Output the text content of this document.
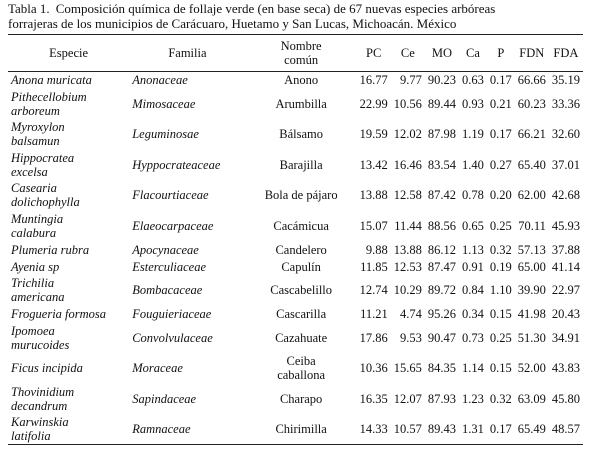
Tabla 1. Composición química de follaje verde (en base seca) de 67 nuevas especies arbóreas
forrajeras de los municipios de Carácuaro, Huetamo y San Lucas, Michoacán. México
Especie	Familia	Nombre
común	PC	Ce	MO	Ca	P	FDN	FDA

Anona muricata	Anonaceae	Anono	16.77	9.77	90.23	0.63	0.17	66.66	35.19

Pithecellobium
arboreum	Mimosaceae	Arumbilla	22.99	10.56	89.44	0.93	0.21	60.23	33.36

Myroxylon
balsamun	Leguminosae	Bálsamo	19.59	12.02	87.98	1.19	0.17	66.21	32.60

Hippocratea
excelsa	Hyppocrateaceae	Barajilla	13.42	16.46	83.54	1.40	0.27	65.40	37.01

Casearia
dolichophylla	Flacourtiaceae	Bola de pájaro	13.88	12.58	87.42	0.78	0.20	62.00	42.68

Muntingia
calabura	Elaeocarpaceae	Cacámicua	15.07	11.44	88.56	0.65	0.25	70.11	45.93

Plumeria rubra	Apocynaceae	Candelero	9.88	13.88	86.12	1.13	0.32	57.13	37.88

Ayenia sp	Esterculiaceae	Capulín	11.85	12.53	87.47	0.91	0.19	65.00	41.14

Trichilia
americana	Bombacaceae	Cascabelillo	12.74	10.29	89.72	0.84	1.10	39.90	22.97

Frogueria formosa	Fouguieriaceae	Cascarilla	11.21	4.74	95.26	0.34	0.15	41.98	20.43

Ipomoea
murucoides	Convolvulaceae	Cazahuate	17.86	9.53	90.47	0.73	0.25	51.30	34.91

Ficus incipida	Moraceae	Ceiba
caballona	10.36	15.65	84.35	1.14	0.15	52.00	43.83

Thovinidium
decandrum	Sapindaceae	Charapo	16.35	12.07	87.93	1.23	0.32	63.09	45.80

Karwinskia
latifolia	Ramnaceae	Chirimilla	14.33	10.57	89.43	1.31	0.17	65.49	48.57
